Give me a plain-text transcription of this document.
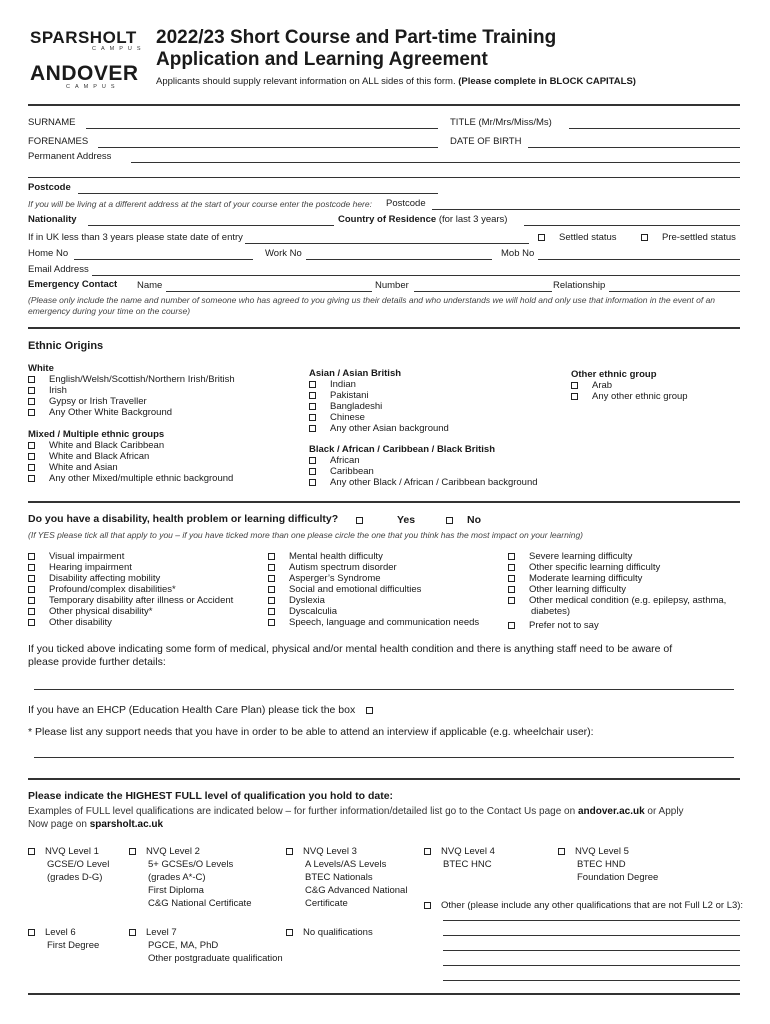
SPARSHOLT
CAMPUS
ANDOVER
CAMPUS
2022/23 Short Course and Part-time Training
Application and Learning Agreement
Applicants should supply relevant information on ALL sides of this form. (Please complete in BLOCK CAPITALS)
SURNAME	TITLE (Mr/Mrs/Miss/Ms)
FORENAMES	DATE OF BIRTH
Permanent Address
Postcode
If you will be living at a different address at the start of your course enter the postcode here: Postcode
Nationality	Country of Residence (for last 3 years)
If in UK less than 3 years please state date of entry	Settled status	Pre-settled status
Home No	Work No	Mob No
Email Address
Emergency Contact Name	Number	Relationship
(Please only include the name and number of someone who has agreed to you giving us their details and who understands we will hold and only use that information in the event of an emergency during your time on the course)
Ethnic Origins
White
English/Welsh/Scottish/Northern Irish/British
Irish
Gypsy or Irish Traveller
Any Other White Background
Mixed / Multiple ethnic groups
White and Black Caribbean
White and Black African
White and Asian
Any other Mixed/multiple ethnic background
Asian / Asian British
Indian
Pakistani
Bangladeshi
Chinese
Any other Asian background
Black / African / Caribbean / Black British
African
Caribbean
Any other Black / African / Caribbean background
Other ethnic group
Arab
Any other ethnic group
Do you have a disability, health problem or learning difficulty?	Yes	No
(If YES please tick all that apply to you – if you have ticked more than one please circle the one that you think has the most impact on your learning)
Visual impairment
Hearing impairment
Disability affecting mobility
Profound/complex disabilities*
Temporary disability after illness or Accident
Other physical disability*
Other disability
Mental health difficulty
Autism spectrum disorder
Asperger’s Syndrome
Social and emotional difficulties
Dyslexia
Dyscalculia
Speech, language and communication needs
Severe learning difficulty
Other specific learning difficulty
Moderate learning difficulty
Other learning difficulty
Other medical condition (e.g. epilepsy, asthma,
diabetes)
Prefer not to say
If you ticked above indicating some form of medical, physical and/or mental health condition and there is anything staff need to be aware of
please provide further details:
If you have an EHCP (Education Health Care Plan) please tick the box
* Please list any support needs that you have in order to be able to attend an interview if applicable (e.g. wheelchair user):
Please indicate the HIGHEST FULL level of qualification you hold to date:
Examples of FULL level qualifications are indicated below – for further information/detailed list go to the Contact Us page on andover.ac.uk or Apply
Now page on sparsholt.ac.uk
NVQ Level 1
GCSE/O Level
(grades D-G)
NVQ Level 2
5+ GCSEs/O Levels
(grades A*-C)
First Diploma
C&G National Certificate
NVQ Level 3
A Levels/AS Levels
BTEC Nationals
C&G Advanced National
Certificate
NVQ Level 4
BTEC HNC
NVQ Level 5
BTEC HND
Foundation Degree
Other (please include any other qualifications that are not Full L2 or L3):
Level 6
First Degree
Level 7
PGCE, MA, PhD
Other postgraduate qualification
No qualifications
